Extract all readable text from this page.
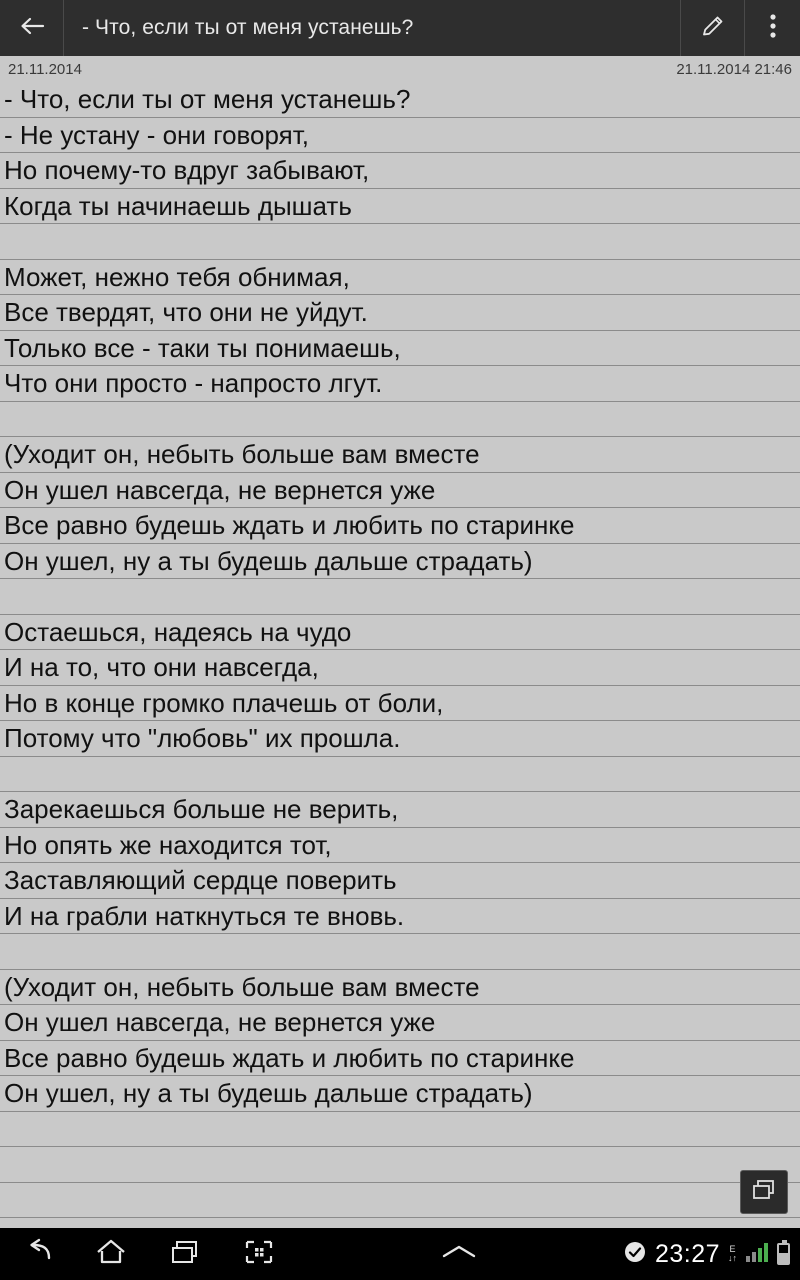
- Что, если ты от меня устанешь?
21.11.2014	21.11.2014 21:46
- Что, если ты от меня устанешь?
- Не устану - они говорят,
Но почему-то вдруг забывают,
Когда ты начинаешь дышать
Может, нежно тебя обнимая,
Все твердят, что они не уйдут.
Только все - таки ты понимаешь,
Что они просто - напросто лгут.
(Уходит он, небыть больше вам вместе
Он ушел навсегда, не вернется уже
Все равно будешь ждать и любить по старинке
Он ушел, ну а ты будешь дальше страдать)
Остаешься, надеясь на чудо
И на то, что они навсегда,
Но в конце громко плачешь от боли,
Потому что "любовь" их прошла.
Зарекаешься больше не верить,
Но опять же находится тот,
Заставляющий сердце поверить
И на грабли наткнуться те вновь.
(Уходит он, небыть больше вам вместе
Он ушел навсегда, не вернется уже
Все равно будешь ждать и любить по старинке
Он ушел, ну а ты будешь дальше страдать)
23:27 E
↓↑
